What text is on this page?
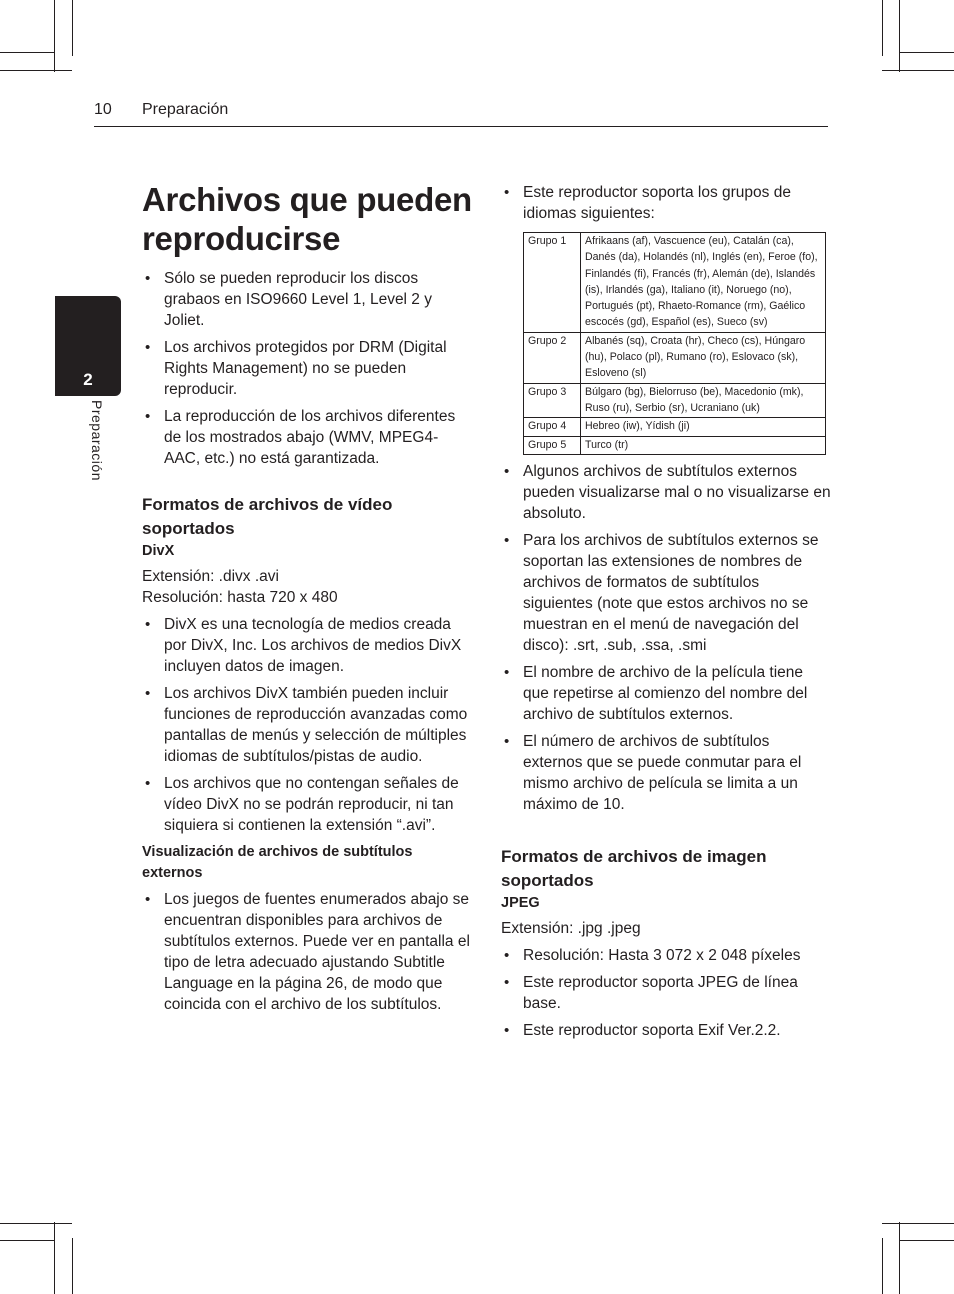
10 Preparación
2
Preparación
Archivos que pueden reproducirse
• Sólo se pueden reproducir los discos grabaos en ISO9660 Level 1, Level 2 y Joliet.
• Los archivos protegidos por DRM (Digital Rights Management) no se pueden reproducir.
• La reproducción de los archivos diferentes de los mostrados abajo (WMV, MPEG4-AAC, etc.) no está garantizada.
Formatos de archivos de vídeo soportados
DivX

Extensión: .divx .avi

Resolución: hasta 720 x 480

• DivX es una tecnología de medios creada por DivX, Inc. Los archivos de medios DivX incluyen datos de imagen.
• Los archivos DivX también pueden incluir funciones de reproducción avanzadas como pantallas de menús y selección de múltiples idiomas de subtítulos/pistas de audio.
• Los archivos que no contengan señales de vídeo DivX no se podrán reproducir, ni tan siquiera si contienen la extensión “.avi”.
Visualización de archivos de subtítulos externos
• Los juegos de fuentes enumerados abajo se encuentran disponibles para archivos de subtítulos externos. Puede ver en pantalla el tipo de letra adecuado ajustando Subtitle Language en la página 26, de modo que coincida con el archivo de los subtítulos.
• Este reproductor soporta los grupos de idiomas siguientes:
Grupo 1	Afrikaans (af), Vascuence (eu), Catalán (ca), Danés (da), Holandés (nl), Inglés (en), Feroe (fo), Finlandés (fi), Francés (fr), Alemán (de), Islandés (is), Irlandés (ga), Italiano (it), Noruego (no), Portugués (pt), Rhaeto-Romance (rm), Gaélico escocés (gd), Español (es), Sueco (sv)
Grupo 2	Albanés (sq), Croata (hr), Checo (cs), Húngaro (hu), Polaco (pl), Rumano (ro), Eslovaco (sk), Esloveno (sl)
Grupo 3	Búlgaro (bg), Bielorruso (be), Macedonio (mk), Ruso (ru), Serbio (sr), Ucraniano (uk)
Grupo 4	Hebreo (iw), Yídish (ji)
Grupo 5	Turco (tr)
• Algunos archivos de subtítulos externos pueden visualizarse mal o no visualizarse en absoluto.
• Para los archivos de subtítulos externos se soportan las extensiones de nombres de archivos de formatos de subtítulos siguientes (note que estos archivos no se muestran en el menú de navegación del disco): .srt, .sub, .ssa, .smi
• El nombre de archivo de la película tiene que repetirse al comienzo del nombre del archivo de subtítulos externos.
• El número de archivos de subtítulos externos que se puede conmutar para el mismo archivo de película se limita a un máximo de 10.
Formatos de archivos de imagen soportados
JPEG

Extensión: .jpg .jpeg

• Resolución: Hasta 3 072 x 2 048 píxeles
• Este reproductor soporta JPEG de línea base.
• Este reproductor soporta Exif Ver.2.2.
